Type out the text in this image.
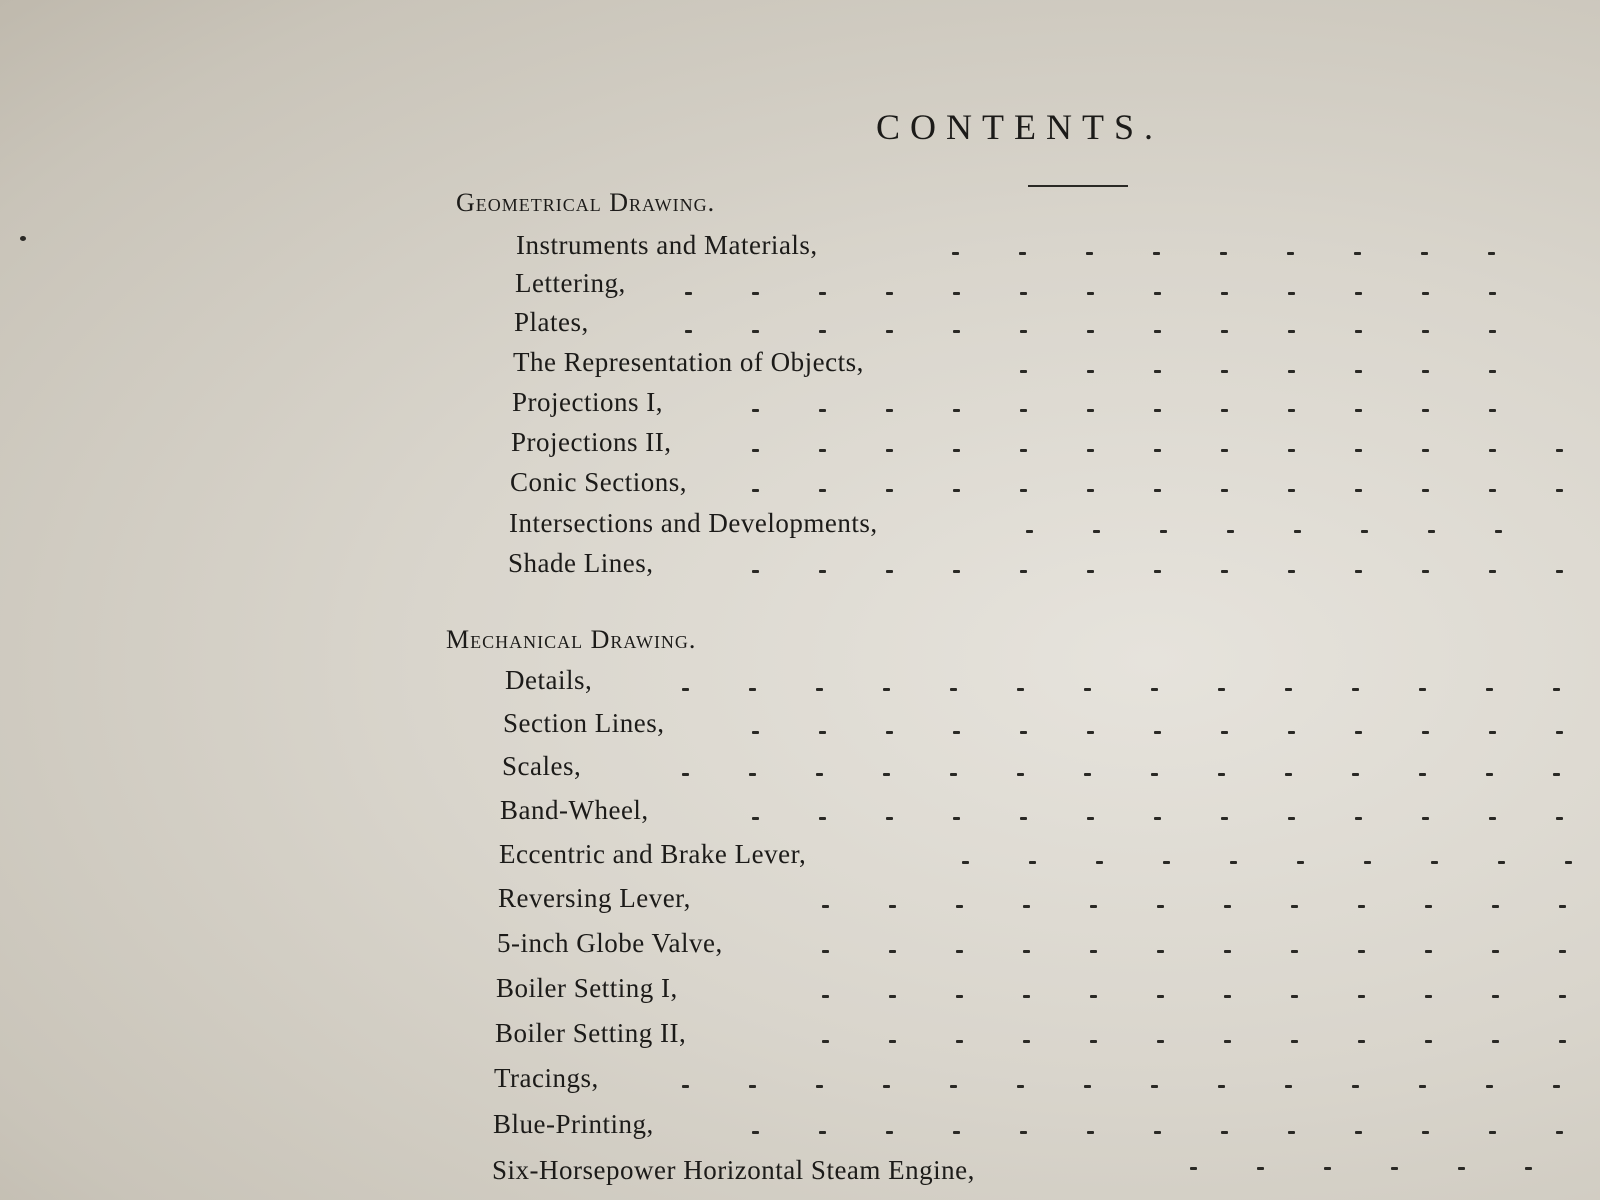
CONTENTS.
Geometrical Drawing.
Instruments and Materials,
Lettering,
Plates,
The Representation of Objects,
Projections I,
Projections II,
Conic Sections,
Intersections and Developments,
Shade Lines,
Mechanical Drawing.
Details,
Section Lines,
Scales,
Band-Wheel,
Eccentric and Brake Lever,
Reversing Lever,
5-inch Globe Valve,
Boiler Setting I,
Boiler Setting II,
Tracings,
Blue-Printing,
Six-Horsepower Horizontal Steam Engine,
